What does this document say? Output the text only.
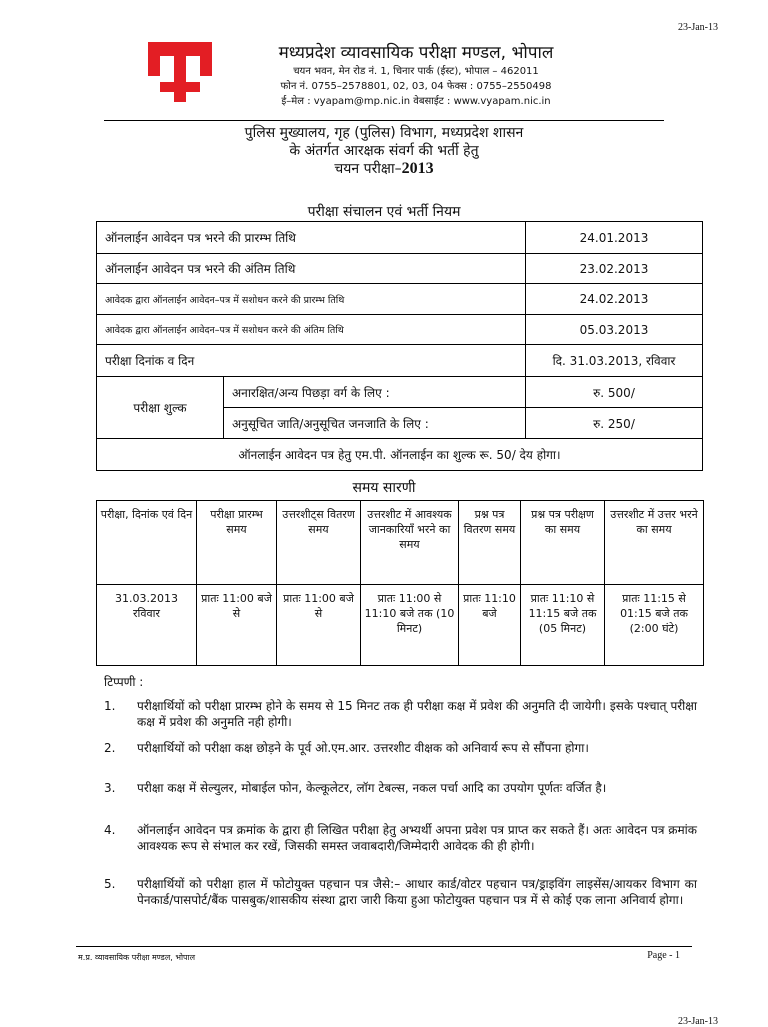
23-Jan-13
मध्यप्रदेश व्यावसायिक परीक्षा मण्डल, भोपाल
चयन भवन, मेन रोड नं. 1, चिनार पार्क (ईस्ट), भोपाल – 462011
फोन नं. 0755–2578801, 02, 03, 04 फेक्स : 0755–2550498
ई–मेल : vyapam@mp.nic.in वेबसाईट : www.vyapam.nic.in
पुलिस मुख्यालय, गृह (पुलिस) विभाग, मध्यप्रदेश शासन
के अंतर्गत आरक्षक संवर्ग की भर्ती हेतु
चयन परीक्षा–2013
परीक्षा संचालन एवं भर्ती नियम
ऑनलाईन आवेदन पत्र भरने की प्रारम्भ तिथि		24.01.2013
ऑनलाईन आवेदन पत्र भरने की अंतिम तिथि		23.02.2013
आवेदक द्वारा ऑनलाईन आवेदन–पत्र में सशोधन करने की प्रारम्भ तिथि		24.02.2013
आवेदक द्वारा ऑनलाईन आवेदन–पत्र में सशोधन करने की अंतिम तिथि		05.03.2013
परीक्षा दिनांक व दिन		दि. 31.03.2013, रविवार
परीक्षा शुल्क	अनारक्षित/अन्य पिछड़ा वर्ग के लिए :	रु. 500/
	अनुसूचित जाति/अनुसूचित जनजाति के लिए :	रु. 250/
ऑनलाईन आवेदन पत्र हेतु एम.पी. ऑनलाईन का शुल्क रू. 50/ देय होगा।		
समय सारणी
परीक्षा, दिनांक एवं दिन	परीक्षा प्रारम्भ समय	उत्तरशीट्स वितरण समय	उत्तरशीट में आवश्यक जानकारियाँ भरने का समय	प्रश्न पत्र वितरण समय	प्रश्न पत्र परीक्षण का समय	उत्तरशीट में उत्तर भरने का समय
31.03.2013 रविवार	प्रातः 11:00 बजे से	प्रातः 11:00 बजे से	प्रातः 11:00 से 11:10 बजे तक (10 मिनट)	प्रातः 11:10 बजे	प्रातः 11:10 से 11:15 बजे तक (05 मिनट)	प्रातः 11:15 से 01:15 बजे तक (2:00 घंटे)
टिप्पणी :
1.	परीक्षार्थियों को परीक्षा प्रारम्भ होने के समय से 15 मिनट तक ही परीक्षा कक्ष में प्रवेश की अनुमति दी जायेगी। इसके पश्चात् परीक्षा कक्ष में प्रवेश की अनुमति नही होगी।
2.	परीक्षार्थियों को परीक्षा कक्ष छोड़ने के पूर्व ओ.एम.आर. उत्तरशीट वीक्षक को अनिवार्य रूप से सौंपना होगा।
3.	परीक्षा कक्ष में सेल्युलर, मोबाईल फोन, केल्कूलेटर, लॉग टेबल्स, नकल पर्चा आदि का उपयोग पूर्णतः वर्जित है।
4.	ऑनलाईन आवेदन पत्र क्रमांक के द्वारा ही लिखित परीक्षा हेतु अभ्यर्थी अपना प्रवेश पत्र प्राप्त कर सकते हैं। अतः आवेदन पत्र क्रमांक आवश्यक रूप से संभाल कर रखें, जिसकी समस्त जवाबदारी/जिम्मेदारी आवेदक की ही होगी।
5.	परीक्षार्थियों को परीक्षा हाल में फोटोयुक्त पहचान पत्र जैसे:– आधार कार्ड/वोटर पहचान पत्र/ड्राइविंग लाइसेंस/आयकर विभाग का पेनकार्ड/पासपोर्ट/बैंक पासबुक/शासकीय संस्था द्वारा जारी किया हुआ फोटोयुक्त पहचान पत्र में से कोई एक लाना अनिवार्य होगा।
म.प्र. व्यावसायिक परीक्षा मण्डल, भोपाल	Page - 1
23-Jan-13
